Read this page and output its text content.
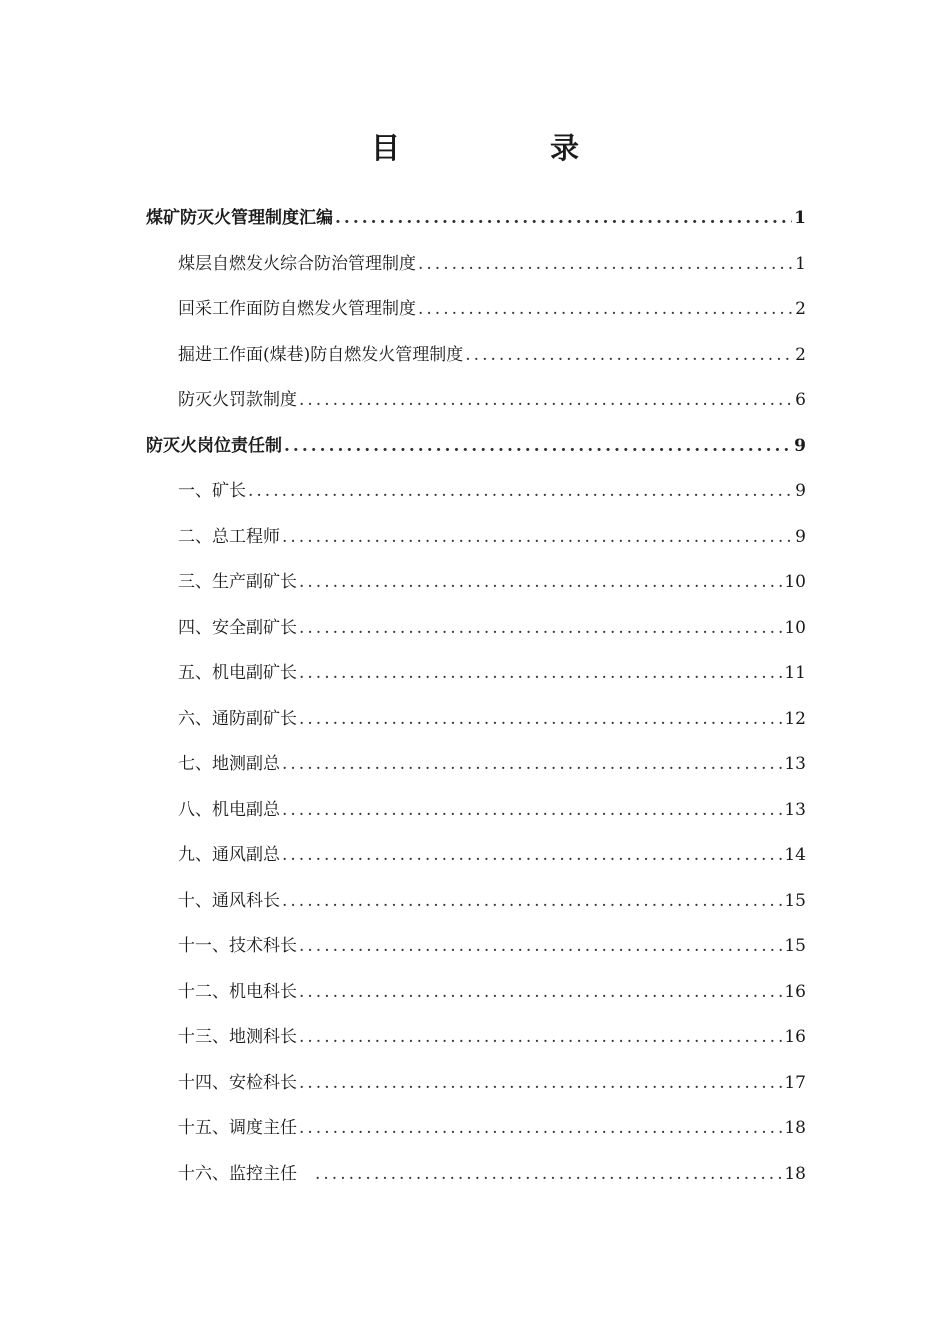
目 录
煤矿防灭火管理制度汇编 .....	1
煤层自燃发火综合防治管理制度 .....	1
回采工作面防自燃发火管理制度 .....	2
掘进工作面(煤巷)防自燃发火管理制度 .....	2
防灭火罚款制度 .....	6
防灭火岗位责任制 .....	9
一、矿长 .....	9
二、总工程师 .....	9
三、生产副矿长 .....	10
四、安全副矿长 .....	10
五、机电副矿长 .....	11
六、通防副矿长 .....	12
七、地测副总 .....	13
八、机电副总 .....	13
九、通风副总 .....	14
十、通风科长 .....	15
十一、技术科长 .....	15
十二、机电科长 .....	16
十三、地测科长 .....	16
十四、安检科长 .....	17
十五、调度主任 .....	18
十六、监控主任 .....	18
